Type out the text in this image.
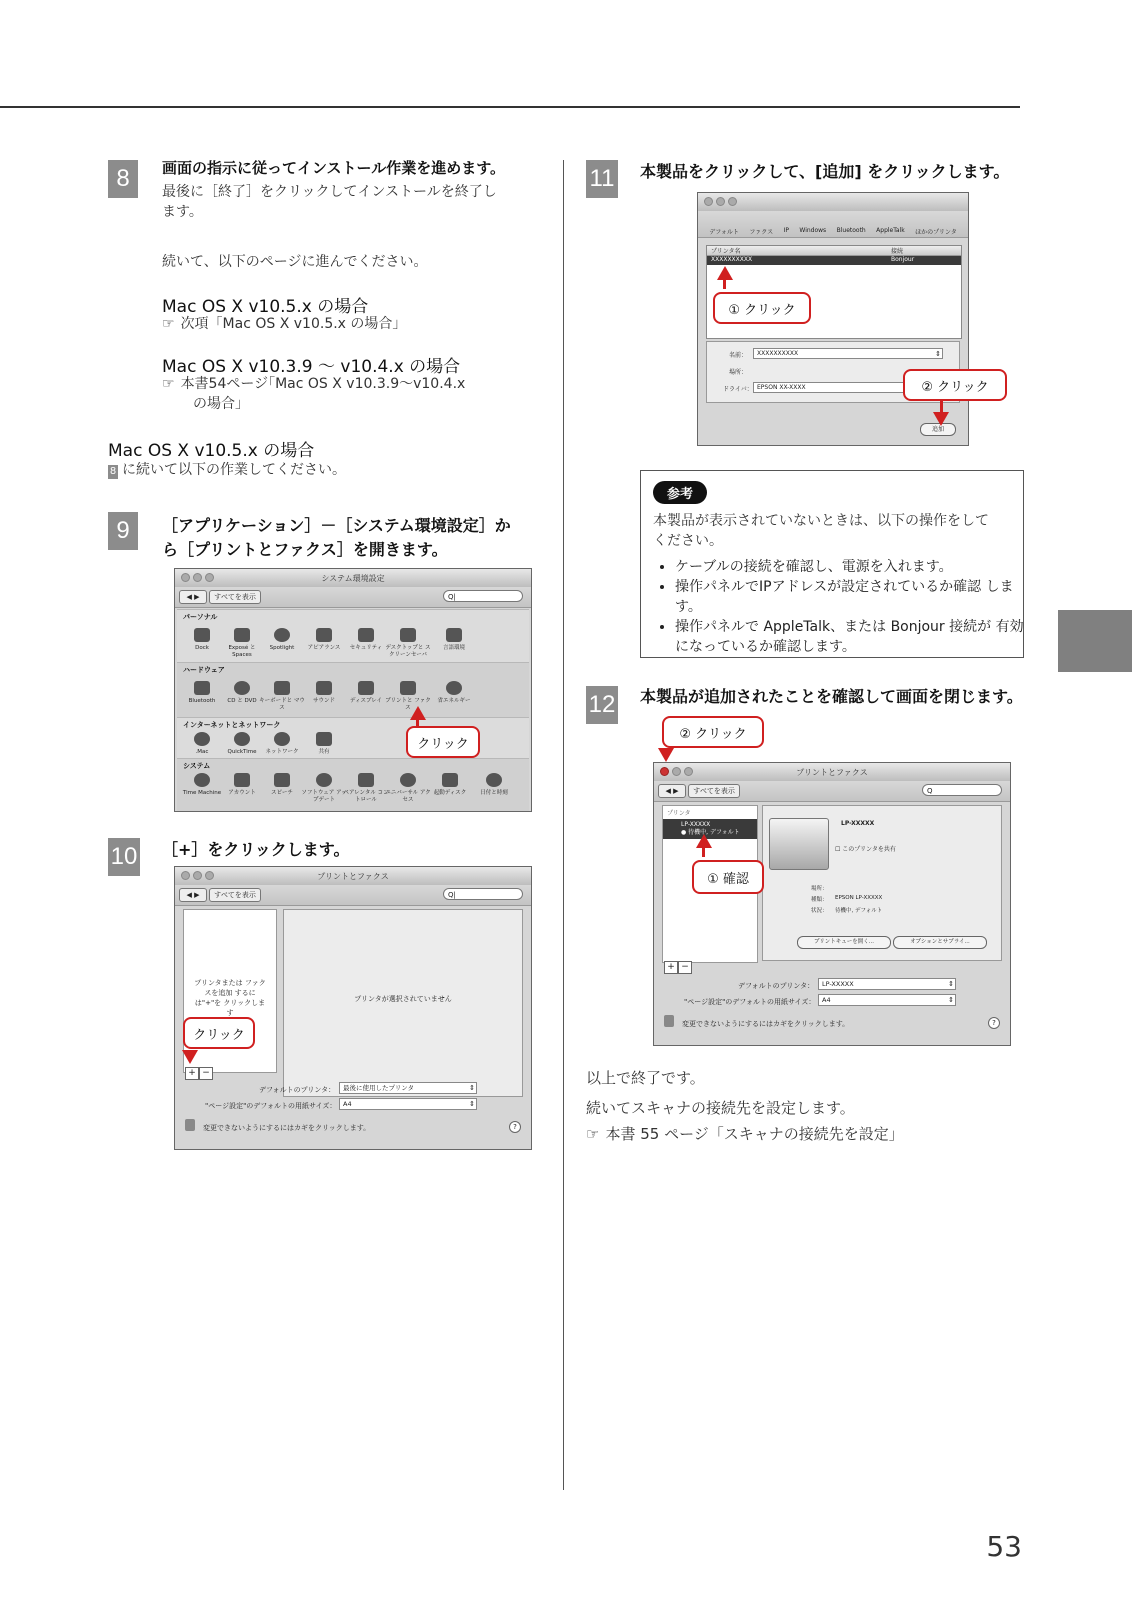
53
8	画面の指示に従ってインストール作業を進めます。
最後に［終了］をクリックしてインストールを終了し
ます。
続いて、以下のページに進んでください。
Mac OS X v10.5.x の場合
☞ 次項「Mac OS X v10.5.x の場合」
Mac OS X v10.3.9 〜 v10.4.x の場合
☞ 本書54ページ｢Mac OS X v10.3.9〜v10.4.x
の場合｣
Mac OS X v10.5.x の場合
8 に続いて以下の作業してください。
9	［アプリケーション］－［システム環境設定］か
ら［プリントとファクス］を開きます。
システム環境設定
◀ ▶	すべてを表示	Q|
パーソナル
Dock	Exposé と Spaces
Spotlight	アピアランス	セキュリティ デスクトップと スクリーンセーバ
言語環境
ハードウェア
Bluetooth	CD と DVD キーボードと マウス
サウンド	ディスプレイ プリントと ファクス
省エネルギー
インターネットとネットワーク
.Mac	QuickTime	ネットワーク	共有
システム
Time Machine	アカウント	スピーチ	ソフトウェア アップデート
ペアレンタル コントロール
ユニバーサル アクセス
起動ディスク	日付と時刻
クリック
10 ［+］をクリックします。
プリントとファクス
◀ ▶	すべてを表示	Q|
プリンタまたは ファクスを追加 するには"+"を クリックします
プリンタが選択されていません
+ −
デフォルトのプリンタ：	最後に使用したプリンタ ⇕
"ページ設定"のデフォルトの用紙サイズ：	A4 ⇕
変更できないようにするにはカギをクリックします。	?
クリック
11 本製品をクリックして、[追加] をクリックします。
デフォルト ファクス IP Windows Bluetooth AppleTalk ほかのプリンタ
プリンタ名	接続
XXXXXXXXXX	Bonjour
名前：	XXXXXXXXXX ⇕
場所：
ドライバ： EPSON XX-XXXX ⇕
追加
① クリック
② クリック
参考
本製品が表示されていないときは、以下の操作をして
ください。
• ケーブルの接続を確認し、電源を入れます。
• 操作パネルでIPアドレスが設定されているか確認 します。
• 操作パネルで AppleTalk、または Bonjour 接続が 有効になっているか確認します。
12 本製品が追加されたことを確認して画面を閉じます。
② クリック
プリントとファクス
◀ ▶	すべてを表示	Q
プリンタ
LP-XXXXX
● 待機中, デフォルト
LP-XXXXX
☐ このプリンタを共有
場所：
種類： EPSON LP-XXXXX
状況： 待機中, デフォルト
プリントキューを開く...	オプションとサプライ...
+ −
デフォルトのプリンタ：	LP-XXXXX ⇕
"ページ設定"のデフォルトの用紙サイズ：	A4 ⇕
変更できないようにするにはカギをクリックします。	?
① 確認
以上で終了です。
続いてスキャナの接続先を設定します。
☞ 本書 55 ページ「スキャナの接続先を設定」
